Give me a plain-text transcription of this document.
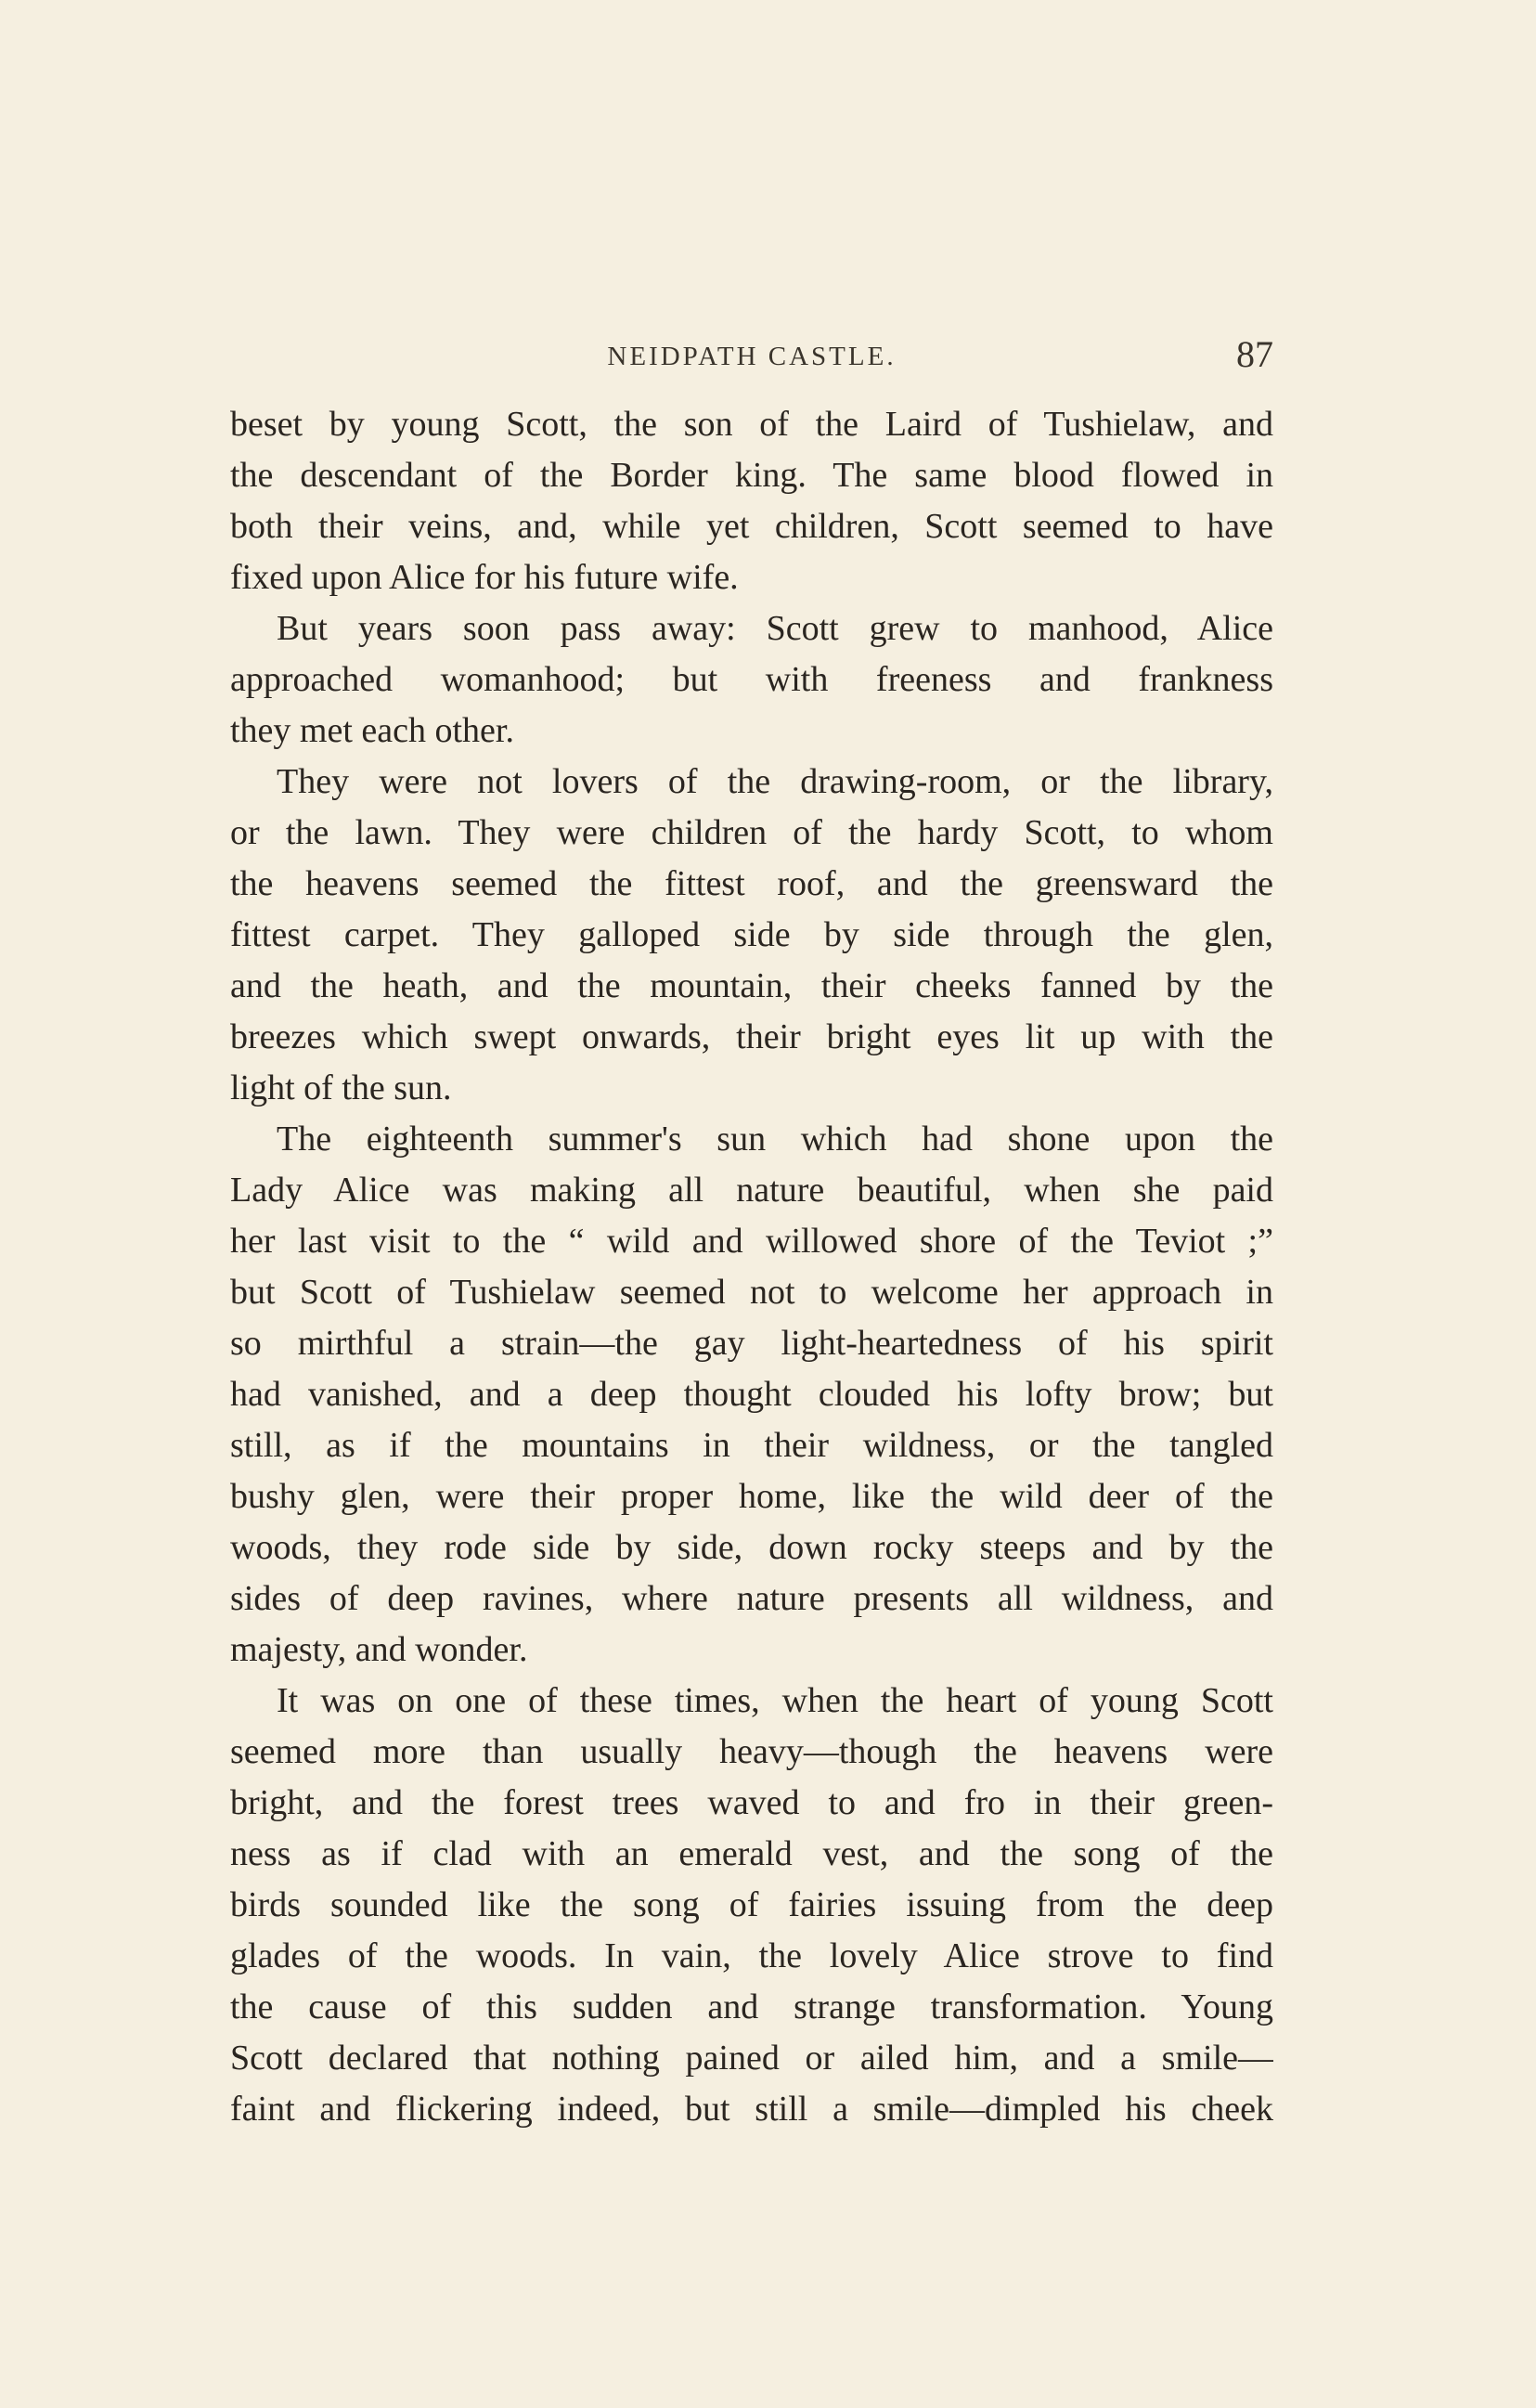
NEIDPATH CASTLE.	87
beset by young Scott, the son of the Laird of Tushielaw, and
the descendant of the Border king. The same blood flowed in
both their veins, and, while yet children, Scott seemed to have
fixed upon Alice for his future wife.
But years soon pass away: Scott grew to manhood, Alice
approached womanhood; but with freeness and frankness
they met each other.
They were not lovers of the drawing-room, or the library,
or the lawn. They were children of the hardy Scott, to whom
the heavens seemed the fittest roof, and the greensward the
fittest carpet. They galloped side by side through the glen,
and the heath, and the mountain, their cheeks fanned by the
breezes which swept onwards, their bright eyes lit up with the
light of the sun.
The eighteenth summer's sun which had shone upon the
Lady Alice was making all nature beautiful, when she paid
her last visit to the “ wild and willowed shore of the Teviot ;”
but Scott of Tushielaw seemed not to welcome her approach in
so mirthful a strain—the gay light-heartedness of his spirit
had vanished, and a deep thought clouded his lofty brow; but
still, as if the mountains in their wildness, or the tangled
bushy glen, were their proper home, like the wild deer of the
woods, they rode side by side, down rocky steeps and by the
sides of deep ravines, where nature presents all wildness, and
majesty, and wonder.
It was on one of these times, when the heart of young Scott
seemed more than usually heavy—though the heavens were
bright, and the forest trees waved to and fro in their green-
ness as if clad with an emerald vest, and the song of the
birds sounded like the song of fairies issuing from the deep
glades of the woods. In vain, the lovely Alice strove to find
the cause of this sudden and strange transformation. Young
Scott declared that nothing pained or ailed him, and a smile—
faint and flickering indeed, but still a smile—dimpled his cheek
